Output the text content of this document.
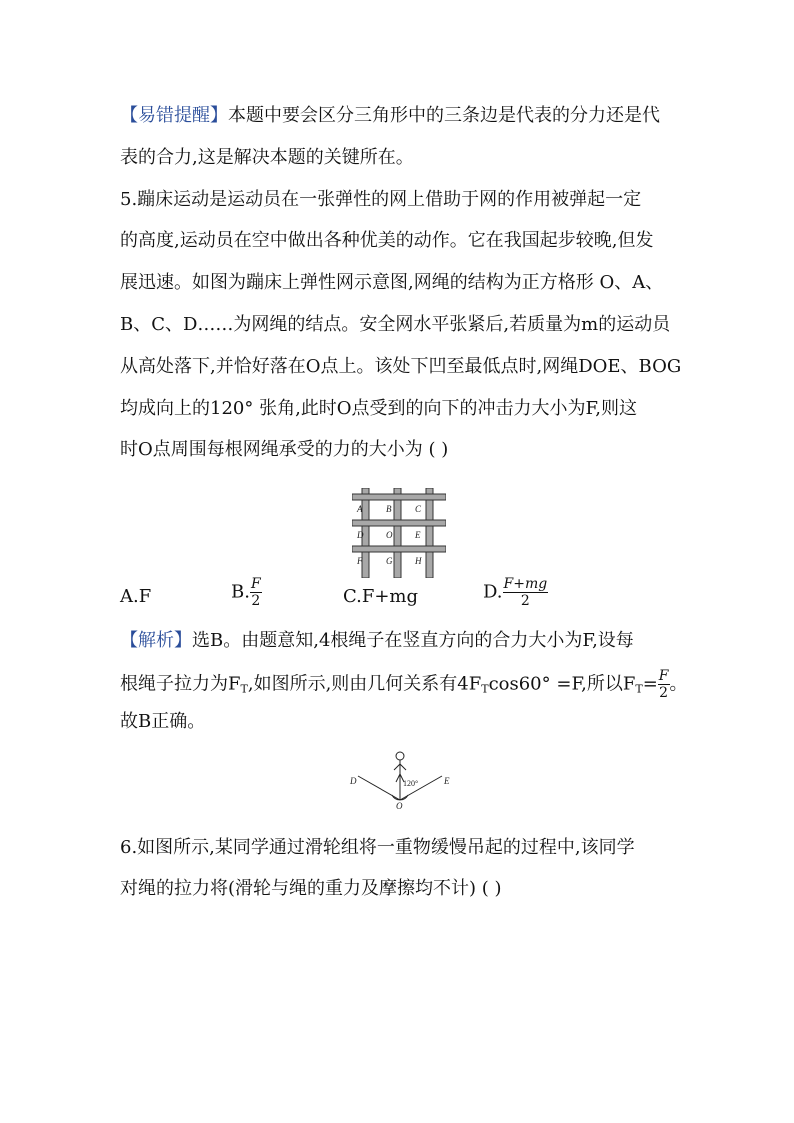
【易错提醒】本题中要会区分三角形中的三条边是代表的分力还是代
表的合力,这是解决本题的关键所在。
5.蹦床运动是运动员在一张弹性的网上借助于网的作用被弹起一定
的高度,运动员在空中做出各种优美的动作。它在我国起步较晚,但发
展迅速。如图为蹦床上弹性网示意图,网绳的结构为正方格形 O、A、
B、C、D……为网绳的结点。安全网水平张紧后,若质量为m的运动员
从高处落下,并恰好落在O点上。该处下凹至最低点时,网绳DOE、BOG
均成向上的120° 张角,此时O点受到的向下的冲击力大小为F,则这
时O点周围每根网绳承受的力的大小为 ( )
A	B	C
D	O	E
F	G	H
A.F	B. $\frac{F}{2}$	C.F+mg	D. $\frac{F+mg}{2}$
【解析】选B。由题意知,4根绳子在竖直方向的合力大小为F,设每
根绳子拉力为$F_T$,如图所示,则由几何关系有$4F_T\cos 60^\circ =F$,所以$F_T= \frac{F}{2}$ 。
故B正确。
D	E
O
120°
6.如图所示,某同学通过滑轮组将一重物缓慢吊起的过程中,该同学
对绳的拉力将(滑轮与绳的重力及摩擦均不计) ( )
